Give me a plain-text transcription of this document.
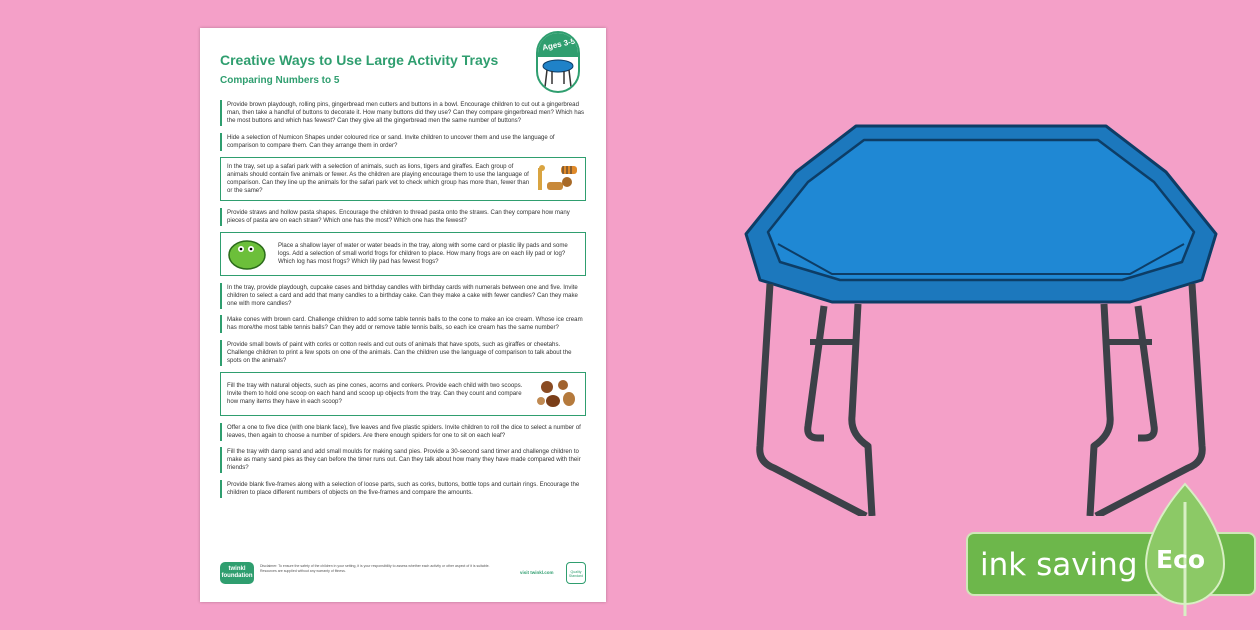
Creative Ways to Use Large Activity Trays
Comparing Numbers to 5
Ages 3-5
Provide brown playdough, rolling pins, gingerbread men cutters and buttons in a bowl. Encourage children to cut out a gingerbread man, then take a handful of buttons to decorate it. How many buttons did they use? Can they compare gingerbread men? Which has the most buttons and which has fewest? Can they give all the gingerbread men the same number of buttons?
Hide a selection of Numicon Shapes under coloured rice or sand. Invite children to uncover them and use the language of comparison to compare them. Can they arrange them in order?
In the tray, set up a safari park with a selection of animals, such as lions, tigers and giraffes. Each group of animals should contain five animals or fewer. As the children are playing encourage them to use the language of comparison. Can they line up the animals for the safari park vet to check which group has more than, fewer than or the same?
Provide straws and hollow pasta shapes. Encourage the children to thread pasta onto the straws. Can they compare how many pieces of pasta are on each straw? Which one has the most? Which one has the fewest?
Place a shallow layer of water or water beads in the tray, along with some card or plastic lily pads and some logs. Add a selection of small world frogs for children to place. How many frogs are on each lily pad or log? Which log has most frogs? Which lily pad has fewest frogs?
In the tray, provide playdough, cupcake cases and birthday candles with birthday cards with numerals between one and five. Invite children to select a card and add that many candles to a birthday cake. Can they make a cake with fewer candles? Can they make one with more candles?
Make cones with brown card. Challenge children to add some table tennis balls to the cone to make an ice cream. Whose ice cream has more/the most table tennis balls? Can they add or remove table tennis balls, so each ice cream has the same number?
Provide small bowls of paint with corks or cotton reels and cut outs of animals that have spots, such as giraffes or cheetahs. Challenge children to print a few spots on one of the animals. Can the children use the language of comparison to talk about the spots on the animals?
Fill the tray with natural objects, such as pine cones, acorns and conkers. Provide each child with two scoops. Invite them to hold one scoop on each hand and scoop up objects from the tray. Can they count and compare how many items they have in each scoop?
Offer a one to five dice (with one blank face), five leaves and five plastic spiders. Invite children to roll the dice to select a number of leaves, then again to choose a number of spiders. Are there enough spiders for one to sit on each leaf?
Fill the tray with damp sand and add small moulds for making sand pies. Provide a 30-second sand timer and challenge children to make as many sand pies as they can before the timer runs out. Can they talk about how many they have made compared with their friends?
Provide blank five-frames along with a selection of loose parts, such as corks, buttons, bottle tops and curtain rings. Encourage the children to place different numbers of objects on the five-frames and compare the amounts.
twinkl foundation
Disclaimer: To ensure the safety of the children in your setting, it is your responsibility to assess whether each activity or other aspect of it is suitable. Resources are supplied without any warranty of fitness.	visit twinkl.com	Quality Standard	ink saving Eco
